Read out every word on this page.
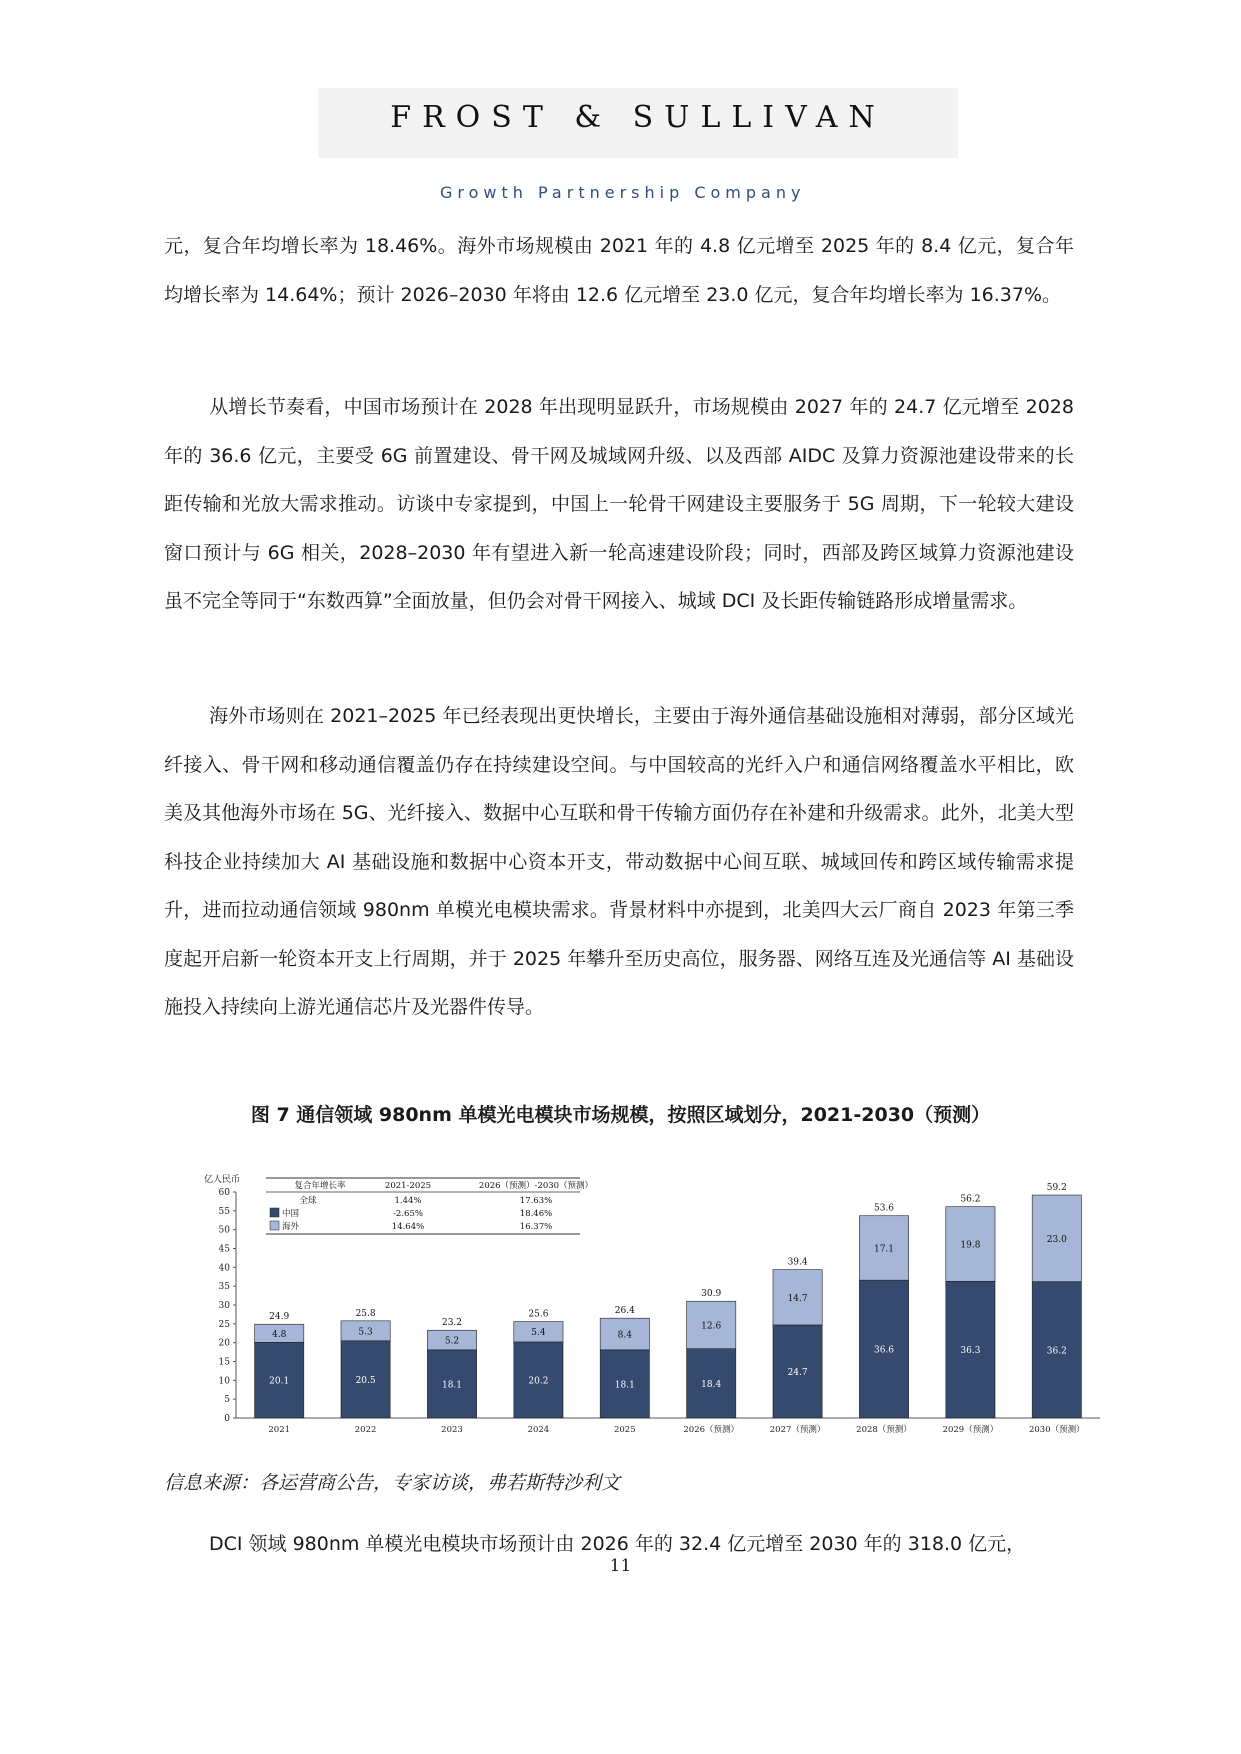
FROST & SULLIVAN
Growth Partnership Company

元，复合年均增长率为 18.46%。海外市场规模由 2021 年的 4.8 亿元增至 2025 年的 8.4 亿元，复合年均增长率为 14.64%；预计 2026–2030 年将由 12.6 亿元增至 23.0 亿元，复合年均增长率为 16.37%。

从增长节奏看，中国市场预计在 2028 年出现明显跃升，市场规模由 2027 年的 24.7 亿元增至 2028 年的 36.6 亿元，主要受 6G 前置建设、骨干网及城域网升级、以及西部 AIDC 及算力资源池建设带来的长距传输和光放大需求推动。访谈中专家提到，中国上一轮骨干网建设主要服务于 5G 周期，下一轮较大建设窗口预计与 6G 相关，2028–2030 年有望进入新一轮高速建设阶段；同时，西部及跨区域算力资源池建设虽不完全等同于“东数西算”全面放量，但仍会对骨干网接入、城域 DCI 及长距传输链路形成增量需求。

海外市场则在 2021–2025 年已经表现出更快增长，主要由于海外通信基础设施相对薄弱，部分区域光纤接入、骨干网和移动通信覆盖仍存在持续建设空间。与中国较高的光纤入户和通信网络覆盖水平相比，欧美及其他海外市场在 5G、光纤接入、数据中心互联和骨干传输方面仍存在补建和升级需求。此外，北美大型科技企业持续加大 AI 基础设施和数据中心资本开支，带动数据中心间互联、城域回传和跨区域传输需求提升，进而拉动通信领域 980nm 单模光电模块需求。背景材料中亦提到，北美四大云厂商自 2023 年第三季度起开启新一轮资本开支上行周期，并于 2025 年攀升至历史高位，服务器、网络互连及光通信等 AI 基础设施投入持续向上游光通信芯片及光器件传导。

图 7 通信领域 980nm 单模光电模块市场规模，按照区域划分，2021-2030（预测）
亿人民币
0
5
10
15
20
25
30
35
40
45
50
55
60
20.1
4.8
24.9
2021
20.5
5.3
25.8
2022
18.1
5.2
23.2
2023
20.2
5.4
25.6
2024
18.1
8.4
26.4
2025
18.4
12.6
30.9
2026（预测）
24.7
14.7
39.4
2027（预测）
36.6
17.1
53.6
2028（预测）
36.3
19.8
56.2
2029（预测）
36.2
23.0
59.2
2030（预测）
复合年增长率	2021-2025	2026（预测）-2030（预测）
全球	1.44%	17.63%
中国	-2.65%	18.46%
海外	14.64%	16.37%
信息来源：各运营商公告，专家访谈，弗若斯特沙利文

DCI 领域 980nm 单模光电模块市场预计由 2026 年的 32.4 亿元增至 2030 年的 318.0 亿元，

11
